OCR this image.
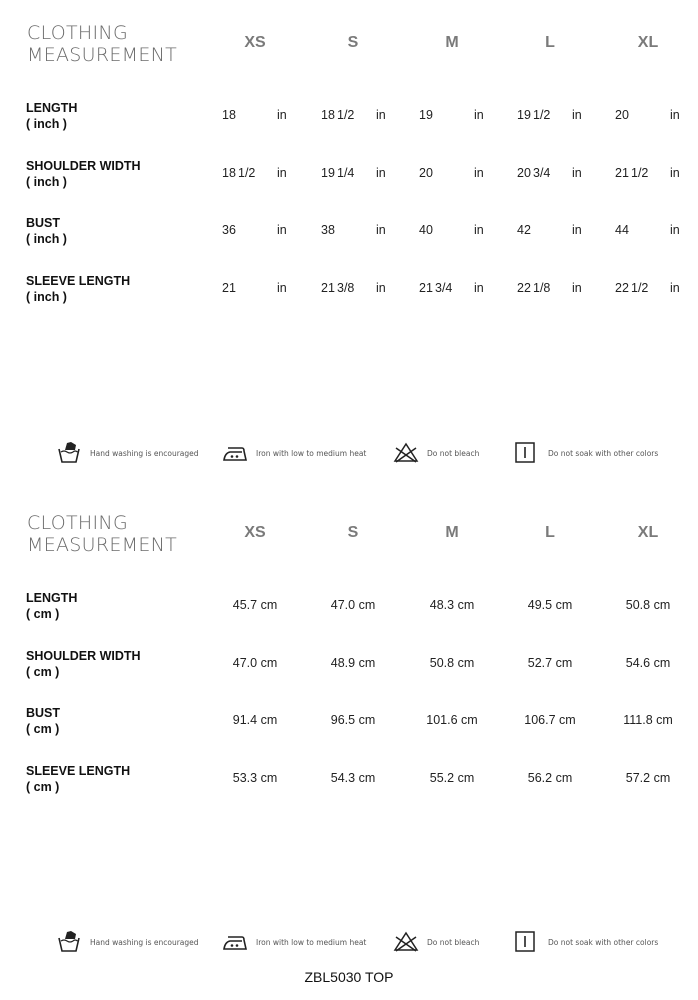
CLOTHING
MEASUREMENT
XS	S	M	L	XL
LENGTH
( inch )
18	in	18 1/2 in	19	in	19 1/2 in	20	in
SHOULDER WIDTH
( inch )
18 1/2 in	19 1/4 in	20	in	20 3/4 in	21 1/2 in
BUST
( inch )
36	in	38	in	40	in	42	in	44	in
SLEEVE LENGTH
( inch )
21	in	21 3/8 in	21 3/4 in	22 1/8 in	22 1/2 in
Hand washing is encouraged	Iron with low to medium heat	Do not bleach	Do not soak with other colors
CLOTHING
MEASUREMENT
XS	S	M	L	XL
LENGTH
( cm )
45.7 cm	47.0 cm	48.3 cm	49.5 cm	50.8 cm
SHOULDER WIDTH
( cm )
47.0 cm	48.9 cm	50.8 cm	52.7 cm	54.6 cm
BUST
( cm )
91.4 cm	96.5 cm	101.6 cm	106.7 cm	111.8 cm
SLEEVE LENGTH
( cm )
53.3 cm	54.3 cm	55.2 cm	56.2 cm	57.2 cm
Hand washing is encouraged	Iron with low to medium heat	Do not bleach	Do not soak with other colors
ZBL5030 TOP
